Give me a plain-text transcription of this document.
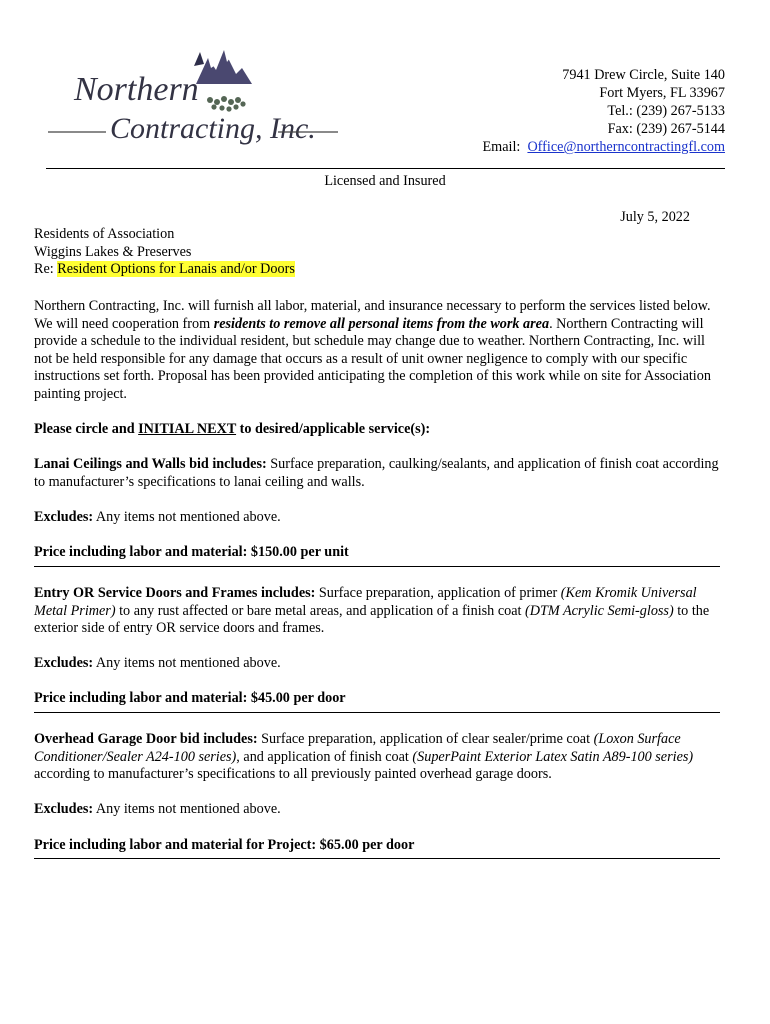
Northern
Contracting, Inc.
7941 Drew Circle, Suite 140
Fort Myers, FL 33967
Tel.: (239) 267-5133
Fax: (239) 267-5144
Email: Office@northerncontractingfl.com
Licensed and Insured
July 5, 2022
Residents of Association
Wiggins Lakes & Preserves
Re: Resident Options for Lanais and/or Doors

Northern Contracting, Inc. will furnish all labor, material, and insurance necessary to perform the services listed below. We will need cooperation from residents to remove all personal items from the work area. Northern Contracting will provide a schedule to the individual resident, but schedule may change due to weather. Northern Contracting, Inc. will not be held responsible for any damage that occurs as a result of unit owner negligence to comply with our specific instructions set forth. Proposal has been provided anticipating the completion of this work while on site for Association painting project.

Please circle and INITIAL NEXT to desired/applicable service(s):

Lanai Ceilings and Walls bid includes: Surface preparation, caulking/sealants, and application of finish coat according to manufacturer’s specifications to lanai ceiling and walls.

Excludes: Any items not mentioned above.

Price including labor and material: $150.00 per unit

Entry OR Service Doors and Frames includes: Surface preparation, application of primer (Kem Kromik Universal Metal Primer) to any rust affected or bare metal areas, and application of a finish coat (DTM Acrylic Semi-gloss) to the exterior side of entry OR service doors and frames.

Excludes: Any items not mentioned above.

Price including labor and material: $45.00 per door

Overhead Garage Door bid includes: Surface preparation, application of clear sealer/prime coat (Loxon Surface Conditioner/Sealer A24-100 series), and application of finish coat (SuperPaint Exterior Latex Satin A89-100 series) according to manufacturer’s specifications to all previously painted overhead garage doors.

Excludes: Any items not mentioned above.

Price including labor and material for Project: $65.00 per door
